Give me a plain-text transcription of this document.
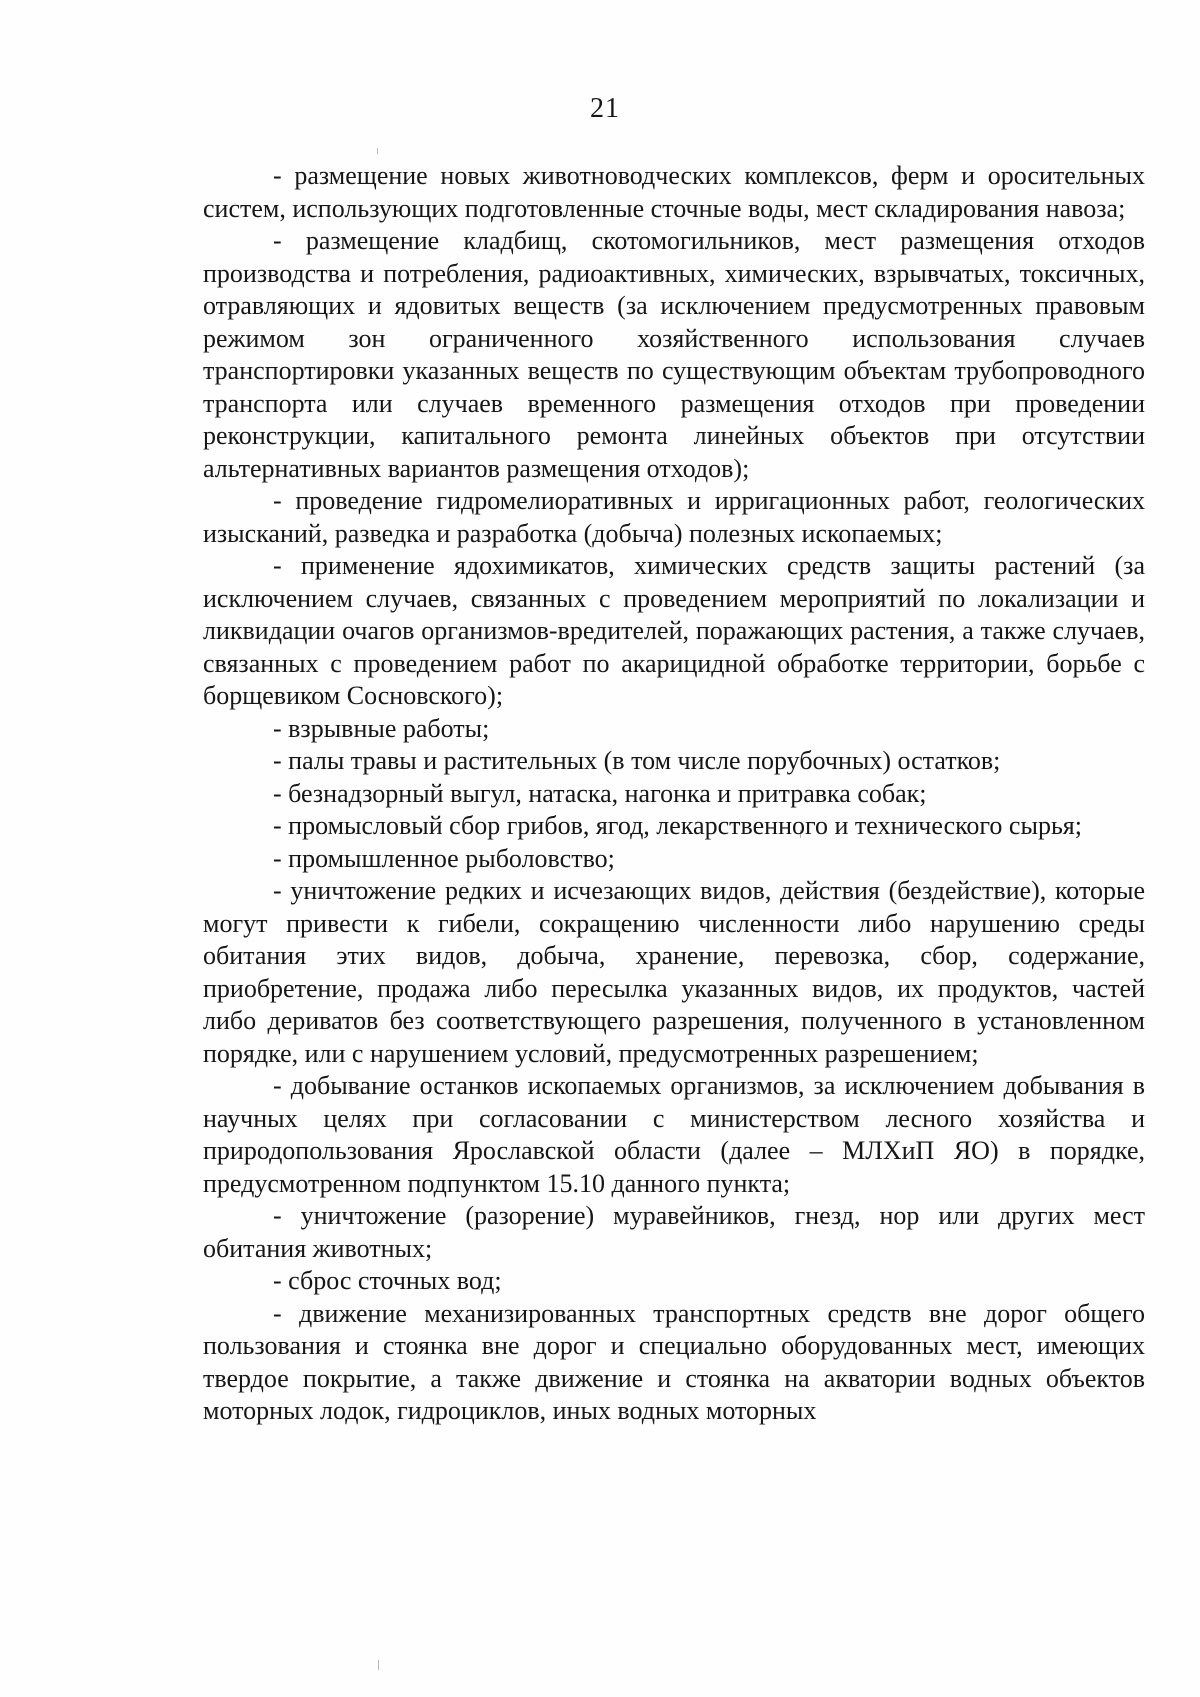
21

- размещение новых животноводческих комплексов, ферм и оросительных систем, использующих подготовленные сточные воды, мест складирования навоза;

- размещение кладбищ, скотомогильников, мест размещения отходов производства и потребления, радиоактивных, химических, взрывчатых, токсичных, отравляющих и ядовитых веществ (за исключением предусмотренных правовым режимом зон ограниченного хозяйственного использования случаев транспортировки указанных веществ по существующим объектам трубопроводного транспорта или случаев временного размещения отходов при проведении реконструкции, капитального ремонта линейных объектов при отсутствии альтернативных вариантов размещения отходов);

- проведение гидромелиоративных и ирригационных работ, геологических изысканий, разведка и разработка (добыча) полезных ископаемых;

- применение ядохимикатов, химических средств защиты растений (за исключением случаев, связанных с проведением мероприятий по локализации и ликвидации очагов организмов-вредителей, поражающих растения, а также случаев, связанных с проведением работ по акарицидной обработке территории, борьбе с борщевиком Сосновского);

- взрывные работы;

- палы травы и растительных (в том числе порубочных) остатков;

- безнадзорный выгул, натаска, нагонка и притравка собак;

- промысловый сбор грибов, ягод, лекарственного и технического сырья;

- промышленное рыболовство;

- уничтожение редких и исчезающих видов, действия (бездействие), которые могут привести к гибели, сокращению численности либо нарушению среды обитания этих видов, добыча, хранение, перевозка, сбор, содержание, приобретение, продажа либо пересылка указанных видов, их продуктов, частей либо дериватов без соответствующего разрешения, полученного в установленном порядке, или с нарушением условий, предусмотренных разрешением;

- добывание останков ископаемых организмов, за исключением добывания в научных целях при согласовании с министерством лесного хозяйства и природопользования Ярославской области (далее – МЛХиП ЯО) в порядке, предусмотренном подпунктом 15.10 данного пункта;

- уничтожение (разорение) муравейников, гнезд, нор или других мест обитания животных;

- сброс сточных вод;

- движение механизированных транспортных средств вне дорог общего пользования и стоянка вне дорог и специально оборудованных мест, имеющих твердое покрытие, а также движение и стоянка на акватории водных объектов моторных лодок, гидроциклов, иных водных моторных
